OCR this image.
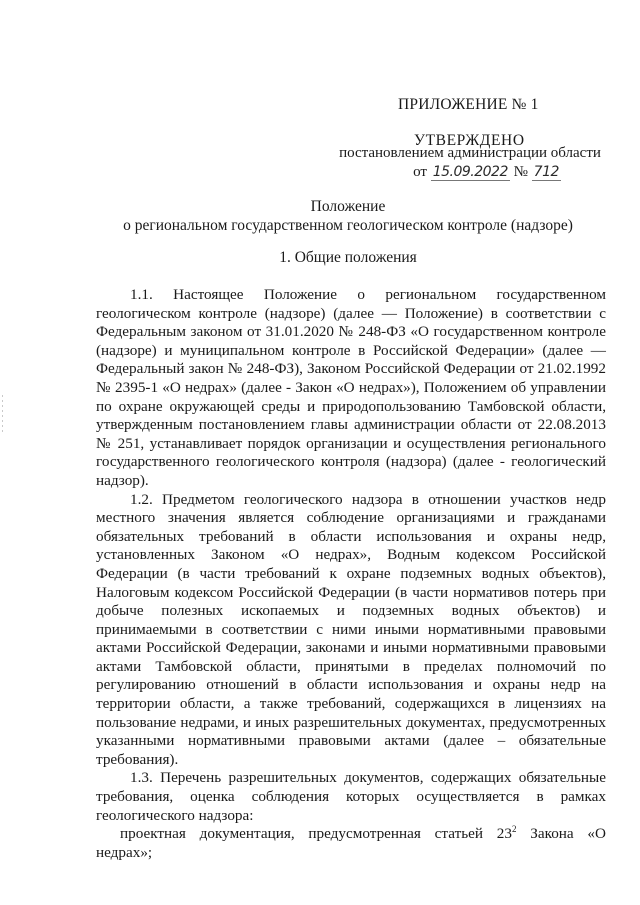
ПРИЛОЖЕНИЕ № 1
УТВЕРЖДЕНО
постановлением администрации области
от 15.09.2022 № 712
Положение
о региональном государственном геологическом контроле (надзоре)
1. Общие положения

1.1. Настоящее Положение о региональном государственном геологическом контроле (надзоре) (далее — Положение) в соответствии с Федеральным законом от 31.01.2020 № 248-ФЗ «О государственном контроле (надзоре) и муниципальном контроле в Российской Федерации» (далее — Федеральный закон № 248-ФЗ), Законом Российской Федерации от 21.02.1992 № 2395-1 «О недрах» (далее - Закон «О недрах»), Положением об управлении по охране окружающей среды и природопользованию Тамбовской области, утвержденным постановлением главы администрации области от 22.08.2013 № 251, устанавливает порядок организации и осуществления регионального государственного геологического контроля (надзора) (далее - геологический надзор).

1.2. Предметом геологического надзора в отношении участков недр местного значения является соблюдение организациями и гражданами обязательных требований в области использования и охраны недр, установленных Законом «О недрах», Водным кодексом Российской Федерации (в части требований к охране подземных водных объектов), Налоговым кодексом Российской Федерации (в части нормативов потерь при добыче полезных ископаемых и подземных водных объектов) и принимаемыми в соответствии с ними иными нормативными правовыми актами Российской Федерации, законами и иными нормативными правовыми актами Тамбовской области, принятыми в пределах полномочий по регулированию отношений в области использования и охраны недр на территории области, а также требований, содержащихся в лицензиях на пользование недрами, и иных разрешительных документах, предусмотренных указанными нормативными правовыми актами (далее – обязательные требования).

1.3. Перечень разрешительных документов, содержащих обязательные требования, оценка соблюдения которых осуществляется в рамках геологического надзора:

проектная документация, предусмотренная статьей $23^2$ Закона «О недрах»;
